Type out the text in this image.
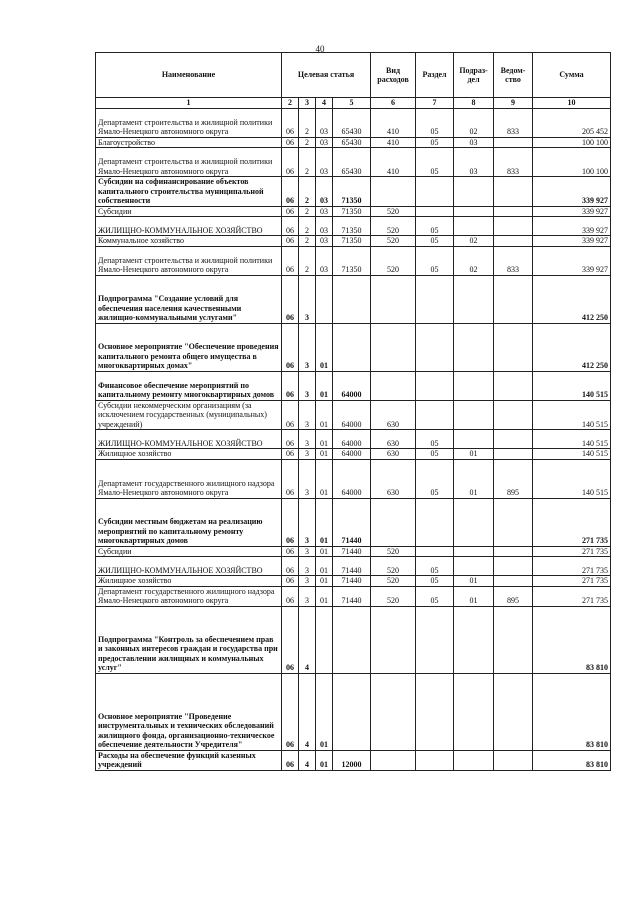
40
Наименование	Целевая статья				Вид расходов	Раздел	Подраз-дел	Ведом-ство	Сумма
1	2	3	4	5	6	7	8	9	10
Департамент строительства и жилищной политики Ямало-Ненецкого автономного округа	06	2	03	65430	410	05	02	833	205 452
Благоустройство	06	2	03	65430	410	05	03		100 100
Департамент строительства и жилищной политики Ямало-Ненецкого автономного округа	06	2	03	65430	410	05	03	833	100 100
Субсидии на софинансирование объектов капитального строительства муниципальной собственности	06	2	03	71350					339 927
Субсидии	06	2	03	71350	520				339 927
ЖИЛИЩНО-КОММУНАЛЬНОЕ ХОЗЯЙСТВО	06	2	03	71350	520	05			339 927
Коммунальное хозяйство	06	2	03	71350	520	05	02		339 927
Департамент строительства и жилищной политики Ямало-Ненецкого автономного округа	06	2	03	71350	520	05	02	833	339 927
Подпрограмма "Создание условий для обеспечения населения качественными жилищно-коммунальными услугами"	06	3							412 250
Основное мероприятие "Обеспечение проведения капитального ремонта общего имущества в многоквартирных домах"	06	3	01						412 250
Финансовое обеспечение мероприятий по капитальному ремонту многоквартирных домов	06	3	01	64000					140 515
Субсидии некоммерческим организациям (за исключением государственных (муниципальных) учреждений)	06	3	01	64000	630				140 515
ЖИЛИЩНО-КОММУНАЛЬНОЕ ХОЗЯЙСТВО	06	3	01	64000	630	05			140 515
Жилищное хозяйство	06	3	01	64000	630	05	01		140 515
Департамент государственного жилищного надзора Ямало-Ненецкого автономного округа	06	3	01	64000	630	05	01	895	140 515
Субсидии местным бюджетам на реализацию мероприятий по капитальному ремонту многоквартирных домов	06	3	01	71440					271 735
Субсидии	06	3	01	71440	520				271 735
ЖИЛИЩНО-КОММУНАЛЬНОЕ ХОЗЯЙСТВО	06	3	01	71440	520	05			271 735
Жилищное хозяйство	06	3	01	71440	520	05	01		271 735
Департамент государственного жилищного надзора Ямало-Ненецкого автономного округа	06	3	01	71440	520	05	01	895	271 735
Подпрограмма "Контроль за обеспечением прав и законных интересов граждан и государства при предоставлении жилищных и коммунальных услуг"	06	4							83 810
Основное мероприятие "Проведение инструментальных и технических обследований жилищного фонда, организационно-техническое обеспечение деятельности Учредителя"	06	4	01						83 810
Расходы на обеспечение функций казенных учреждений	06	4	01	12000					83 810
